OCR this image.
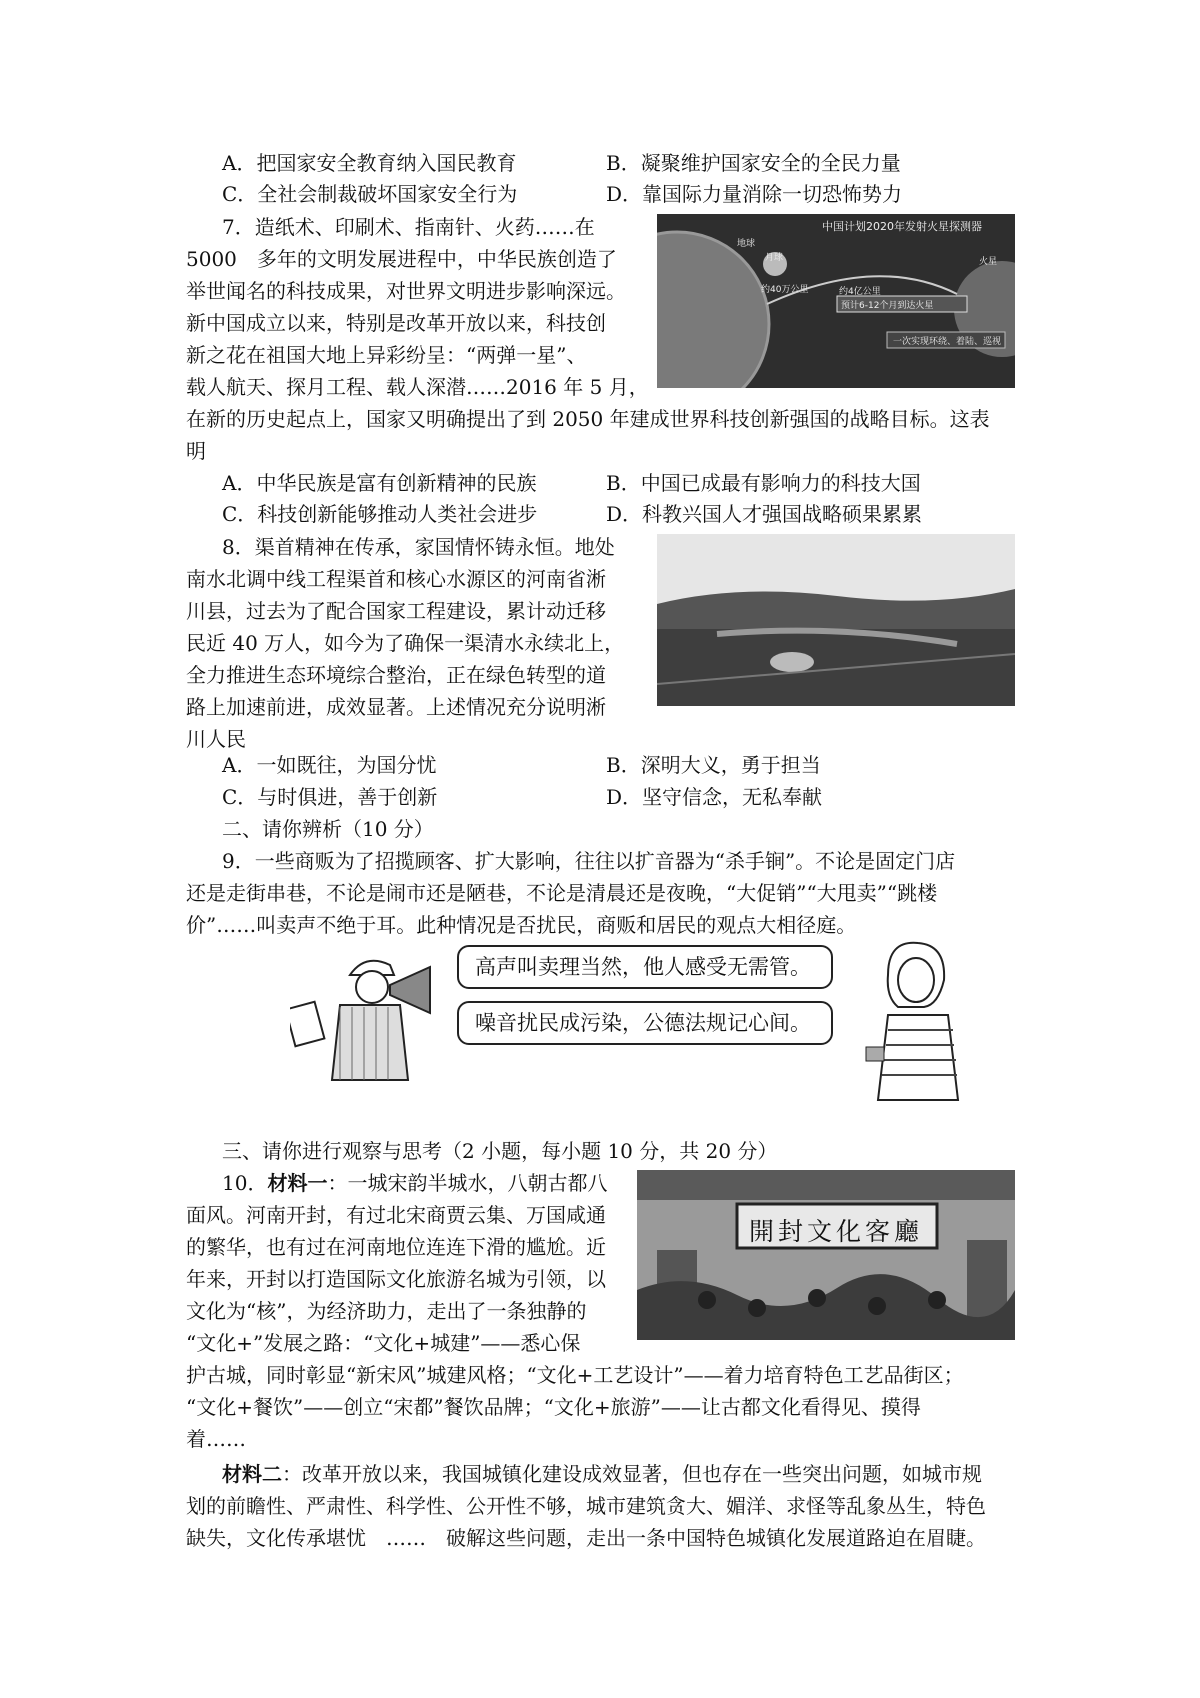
A．把国家安全教育纳入国民教育	B．凝聚维护国家安全的全民力量
C．全社会制裁破坏国家安全行为	D．靠国际力量消除一切恐怖势力
7．造纸术、印刷术、指南针、火药……在
5000　多年的文明发展进程中，中华民族创造了
举世闻名的科技成果，对世界文明进步影响深远。
新中国成立以来，特别是改革开放以来，科技创
新之花在祖国大地上异彩纷呈：“两弹一星”、
载人航天、探月工程、载人深潜……2016 年 5 月，
在新的历史起点上，国家又明确提出了到 2050 年建成世界科技创新强国的战略目标。这表
明
中国计划2020年发射火星探测器
地球
月球
约40万公里	约4亿公里
预计6-12个月到达火星
火星
一次实现环绕、着陆、巡视
A．中华民族是富有创新精神的民族	B．中国已成最有影响力的科技大国
C．科技创新能够推动人类社会进步	D．科教兴国人才强国战略硕果累累
8．渠首精神在传承，家国情怀铸永恒。地处
南水北调中线工程渠首和核心水源区的河南省淅
川县，过去为了配合国家工程建设，累计动迁移
民近 40 万人，如今为了确保一渠清水永续北上，
全力推进生态环境综合整治，正在绿色转型的道
路上加速前进，成效显著。上述情况充分说明淅
川人民
A．一如既往，为国分忧	B．深明大义，勇于担当
C．与时俱进，善于创新	D．坚守信念，无私奉献
二、请你辨析（10 分）
9．一些商贩为了招揽顾客、扩大影响，往往以扩音器为“杀手锏”。不论是固定门店
还是走街串巷，不论是闹市还是陋巷，不论是清晨还是夜晚，“大促销”“大甩卖”“跳楼
价”……叫卖声不绝于耳。此种情况是否扰民，商贩和居民的观点大相径庭。
高声叫卖理当然，他人感受无需管。
噪音扰民成污染，公德法规记心间。
三、请你进行观察与思考（2 小题，每小题 10 分，共 20 分）
10．材料一：一城宋韵半城水，八朝古都八
面风。河南开封，有过北宋商贾云集、万国咸通
的繁华，也有过在河南地位连连下滑的尴尬。近
年来，开封以打造国际文化旅游名城为引领，以
文化为“核”，为经济助力，走出了一条独静的
“文化+”发展之路：“文化+城建”——悉心保
护古城，同时彰显“新宋风”城建风格；“文化+工艺设计”——着力培育特色工艺品街区；
“文化+餐饮”——创立“宋都”餐饮品牌；“文化+旅游”——让古都文化看得见、摸得
着……
開封文化客廳
材料二：改革开放以来，我国城镇化建设成效显著，但也存在一些突出问题，如城市规
划的前瞻性、严肃性、科学性、公开性不够，城市建筑贪大、媚洋、求怪等乱象丛生，特色
缺失，文化传承堪忧　……　破解这些问题，走出一条中国特色城镇化发展道路迫在眉睫。
